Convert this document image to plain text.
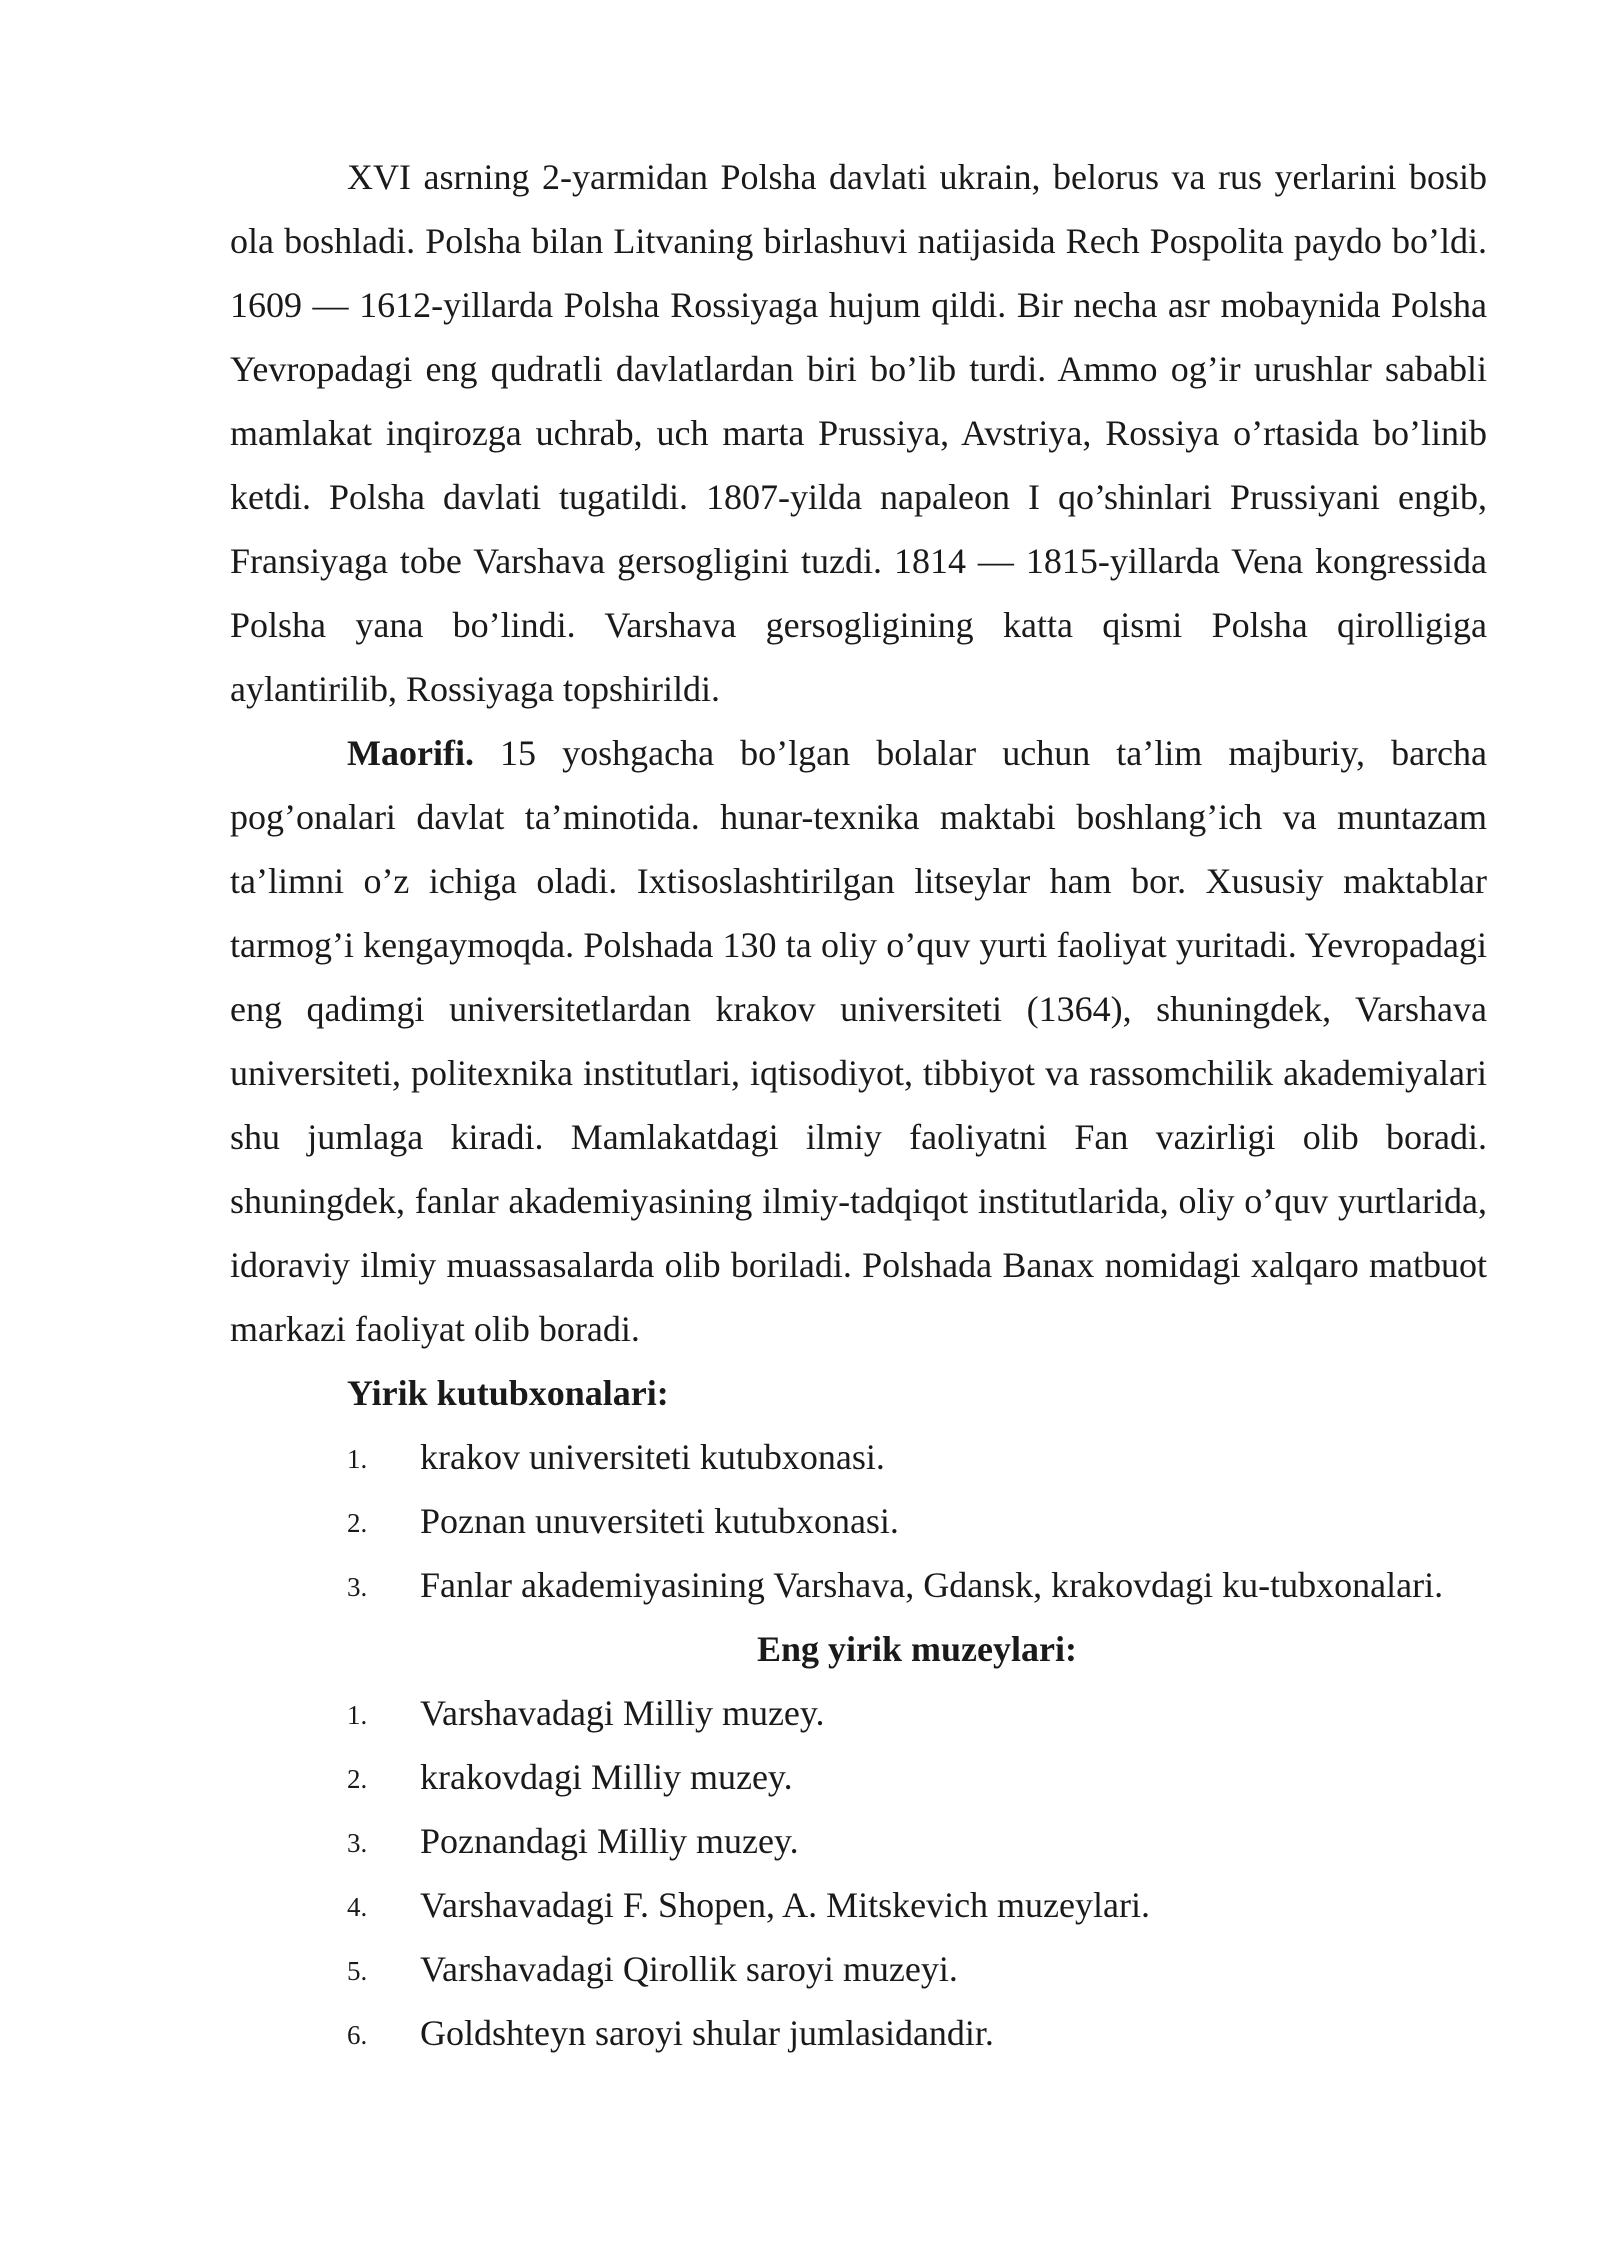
XVI asrning 2-yarmidan Polsha davlati ukrain, belorus va rus yerlarini bosib ola boshladi. Polsha bilan Litvaning birlashuvi natijasida Rech Pospolita paydo bo’ldi. 1609 — 1612-yillarda Polsha Rossiyaga hujum qildi. Bir necha asr mobaynida Polsha Yevropadagi eng qudratli davlatlardan biri bo’lib turdi. Ammo og’ir urushlar sababli mamlakat inqirozga uchrab, uch marta Prussiya, Avstriya, Rossiya o’rtasida bo’linib ketdi. Polsha davlati tugatildi. 1807-yilda napaleon I qo’shinlari Prussiyani engib, Fransiyaga tobe Varshava gersogligini tuzdi. 1814 — 1815-yillarda Vena kongressida Polsha yana bo’lindi. Varshava gersogligining katta qismi Polsha qirolligiga aylantirilib, Rossiyaga topshirildi.

Maorifi. 15 yoshgacha bo’lgan bolalar uchun ta’lim majburiy, barcha pog’onalari davlat ta’minotida. hunar-texnika maktabi boshlang’ich va muntazam ta’limni o’z ichiga oladi. Ixtisoslashtirilgan litseylar ham bor. Xususiy maktablar tarmog’i kengaymoqda. Polshada 130 ta oliy o’quv yurti faoliyat yuritadi. Yevropadagi eng qadimgi universitetlardan krakov universiteti (1364), shuningdek, Varshava universiteti, politexnika institutlari, iqtisodiyot, tibbiyot va rassomchilik akademiyalari shu jumlaga kiradi. Mamlakatdagi ilmiy faoliyatni Fan vazirligi olib boradi. shuningdek, fanlar akademiyasining ilmiy-tadqiqot institutlarida, oliy o’quv yurtlarida, idoraviy ilmiy muassasalarda olib boriladi. Polshada Banax nomidagi xalqaro matbuot markazi faoliyat olib boradi.

Yirik kutubxonalari:

1. krakov universiteti kutubxonasi.
2. Poznan unuversiteti kutubxonasi.
3. Fanlar akademiyasining Varshava, Gdansk, krakovdagi ku-tubxonalari.

Eng yirik muzeylari:

1. Varshavadagi Milliy muzey.
2. krakovdagi Milliy muzey.
3. Poznandagi Milliy muzey.
4. Varshavadagi F. Shopen, A. Mitskevich muzeylari.
5. Varshavadagi Qirollik saroyi muzeyi.
6. Goldshteyn saroyi shular jumlasidandir.
